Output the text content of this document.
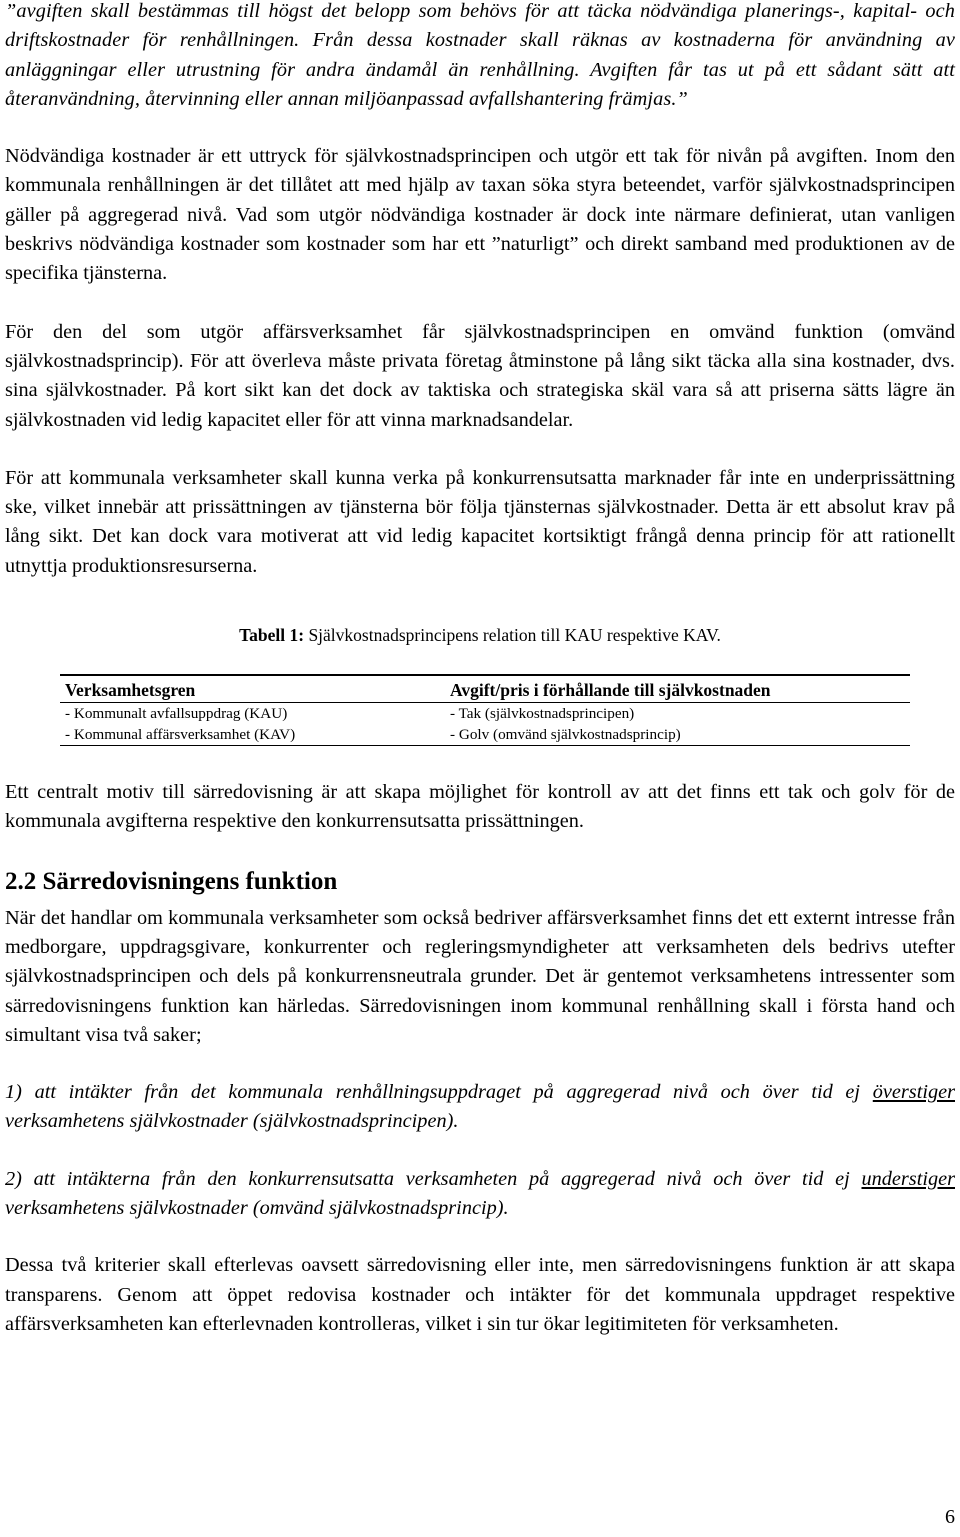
”avgiften skall bestämmas till högst det belopp som behövs för att täcka nödvändiga planerings-, kapital- och driftskostnader för renhållningen. Från dessa kostnader skall räknas av kostnaderna för användning av anläggningar eller utrustning för andra ändamål än renhållning. Avgiften får tas ut på ett sådant sätt att återanvändning, återvinning eller annan miljöanpassad avfallshantering främjas.”

Nödvändiga kostnader är ett uttryck för självkostnadsprincipen och utgör ett tak för nivån på avgiften. Inom den kommunala renhållningen är det tillåtet att med hjälp av taxan söka styra beteendet, varför självkostnadsprincipen gäller på aggregerad nivå. Vad som utgör nödvändiga kostnader är dock inte närmare definierat, utan vanligen beskrivs nödvändiga kostnader som kostnader som har ett ”naturligt” och direkt samband med produktionen av de specifika tjänsterna.

För den del som utgör affärsverksamhet får självkostnadsprincipen en omvänd funktion (omvänd självkostnadsprincip). För att överleva måste privata företag åtminstone på lång sikt täcka alla sina kostnader, dvs. sina självkostnader. På kort sikt kan det dock av taktiska och strategiska skäl vara så att priserna sätts lägre än självkostnaden vid ledig kapacitet eller för att vinna marknadsandelar.

För att kommunala verksamheter skall kunna verka på konkurrensutsatta marknader får inte en underprissättning ske, vilket innebär att prissättningen av tjänsterna bör följa tjänsternas självkostnader. Detta är ett absolut krav på lång sikt. Det kan dock vara motiverat att vid ledig kapacitet kortsiktigt frångå denna princip för att rationellt utnyttja produktionsresurserna.

Tabell 1: Självkostnadsprincipens relation till KAU respektive KAV.
Verksamhetsgren	Avgift/pris i förhållande till självkostnaden
- Kommunalt avfallsuppdrag (KAU)	- Tak (självkostnadsprincipen)
- Kommunal affärsverksamhet (KAV)	- Golv (omvänd självkostnadsprincip)

Ett centralt motiv till särredovisning är att skapa möjlighet för kontroll av att det finns ett tak och golv för de kommunala avgifterna respektive den konkurrensutsatta prissättningen.

2.2 Särredovisningens funktion

När det handlar om kommunala verksamheter som också bedriver affärsverksamhet finns det ett externt intresse från medborgare, uppdragsgivare, konkurrenter och regleringsmyndigheter att verksamheten dels bedrivs utefter självkostnadsprincipen och dels på konkurrensneutrala grunder. Det är gentemot verksamhetens intressenter som särredovisningens funktion kan härledas. Särredovisningen inom kommunal renhållning skall i första hand och simultant visa två saker;

1) att intäkter från det kommunala renhållningsuppdraget på aggregerad nivå och över tid ej överstiger verksamhetens självkostnader (självkostnadsprincipen).

2) att intäkterna från den konkurrensutsatta verksamheten på aggregerad nivå och över tid ej understiger verksamhetens självkostnader (omvänd självkostnadsprincip).

Dessa två kriterier skall efterlevas oavsett särredovisning eller inte, men särredovisningens funktion är att skapa transparens. Genom att öppet redovisa kostnader och intäkter för det kommunala uppdraget respektive affärsverksamheten kan efterlevnaden kontrolleras, vilket i sin tur ökar legitimiteten för verksamheten.

6
